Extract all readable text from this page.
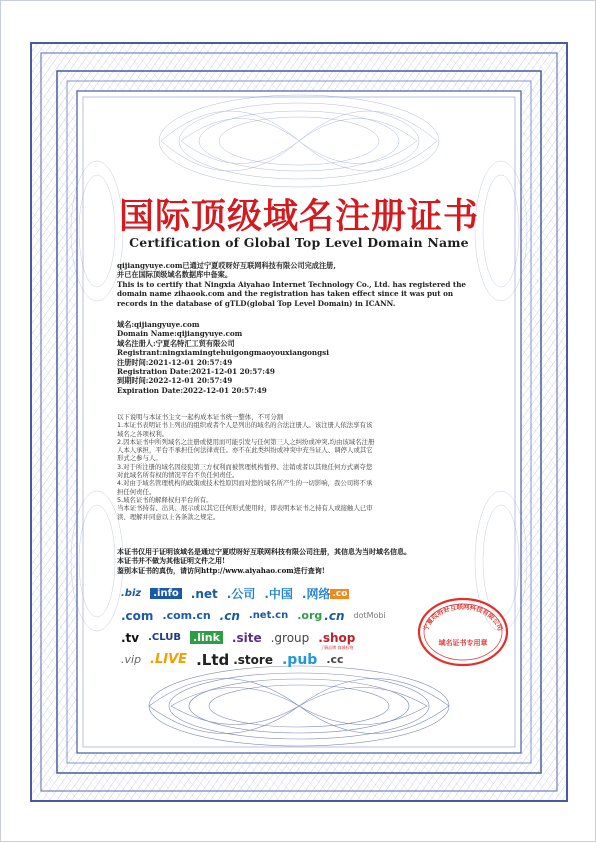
国际顶级域名注册证书
Certification of Global Top Level Domain Name
qijiangyuye.com已通过宁夏哎呀好互联网科技有限公司完成注册,
并已在国际顶级域名数据库中备案。
This is to certify that Ningxia Aiyahao Internet Technology Co., Ltd. has registered the domain name zihaook.com and the registration has taken effect since it was put on records in the database of gTLD(global Top Level Domain) in ICANN.
域名:qijiangyuye.com
Domain Name:qijiangyuye.com
域名注册人:宁夏名特汇工贸有限公司
Registrant:ningxiamingtehuigongmaoyouxiangongsi
注册时间:2021-12-01 20:57:49
Registration Date:2021-12-01 20:57:49
到期时间:2022-12-01 20:57:49
Expiration Date:2022-12-01 20:57:49
以下说明与本证书主文一起构成本证书统一整体，不可分割
1.本证书表明证书上列出的组织或者个人是列出的域名的合法注册人。该注册人依法享有该
域名之各项权利。
2.因本证书中所列域名之注册或使用而可能引发与任何第三人之纠纷或冲突,均由该域名注册
人本人承担，平台不承担任何法律责任。亦不在此类纠纷或冲突中充当证人、调停人或其它
形式之参与人。
3.对于所注册的域名因侵犯第三方权利而被管理机构暂停、注销或者以其他任何方式剥夺您
对此域名所有权的情况平台不负任何责任。
4.对由于域名管理机构的政策或技术性原因而对您的域名所产生的一切影响，我公司将不承
担任何责任。
5.域名证书的解释权归平台所有。
当本证书持有、出具、展示或以其它任何形式使用时，即表明本证书之持有人或接触人已审
读、理解并同意以上各条款之规定。
本证书仅用于证明该域名是通过宁夏哎呀好互联网科技有限公司注册，其信息为当时域名信息。
本证书并不做为其他证明文件之用!
鉴别本证书的真伪，请访问http://www.aiyahao.com进行查询!
.biz	.info .net .公司 .中国 .网络 .co
.com .com.cn .cn .net.cn .org .cn dotMobi
.tv .CLUB .link .site .group .shop
了解品牌 商城标签
.vip .LIVE .Ltd .store .pub .cc
宁夏哎呀好互联网科技有限公司
域名证书专用章
